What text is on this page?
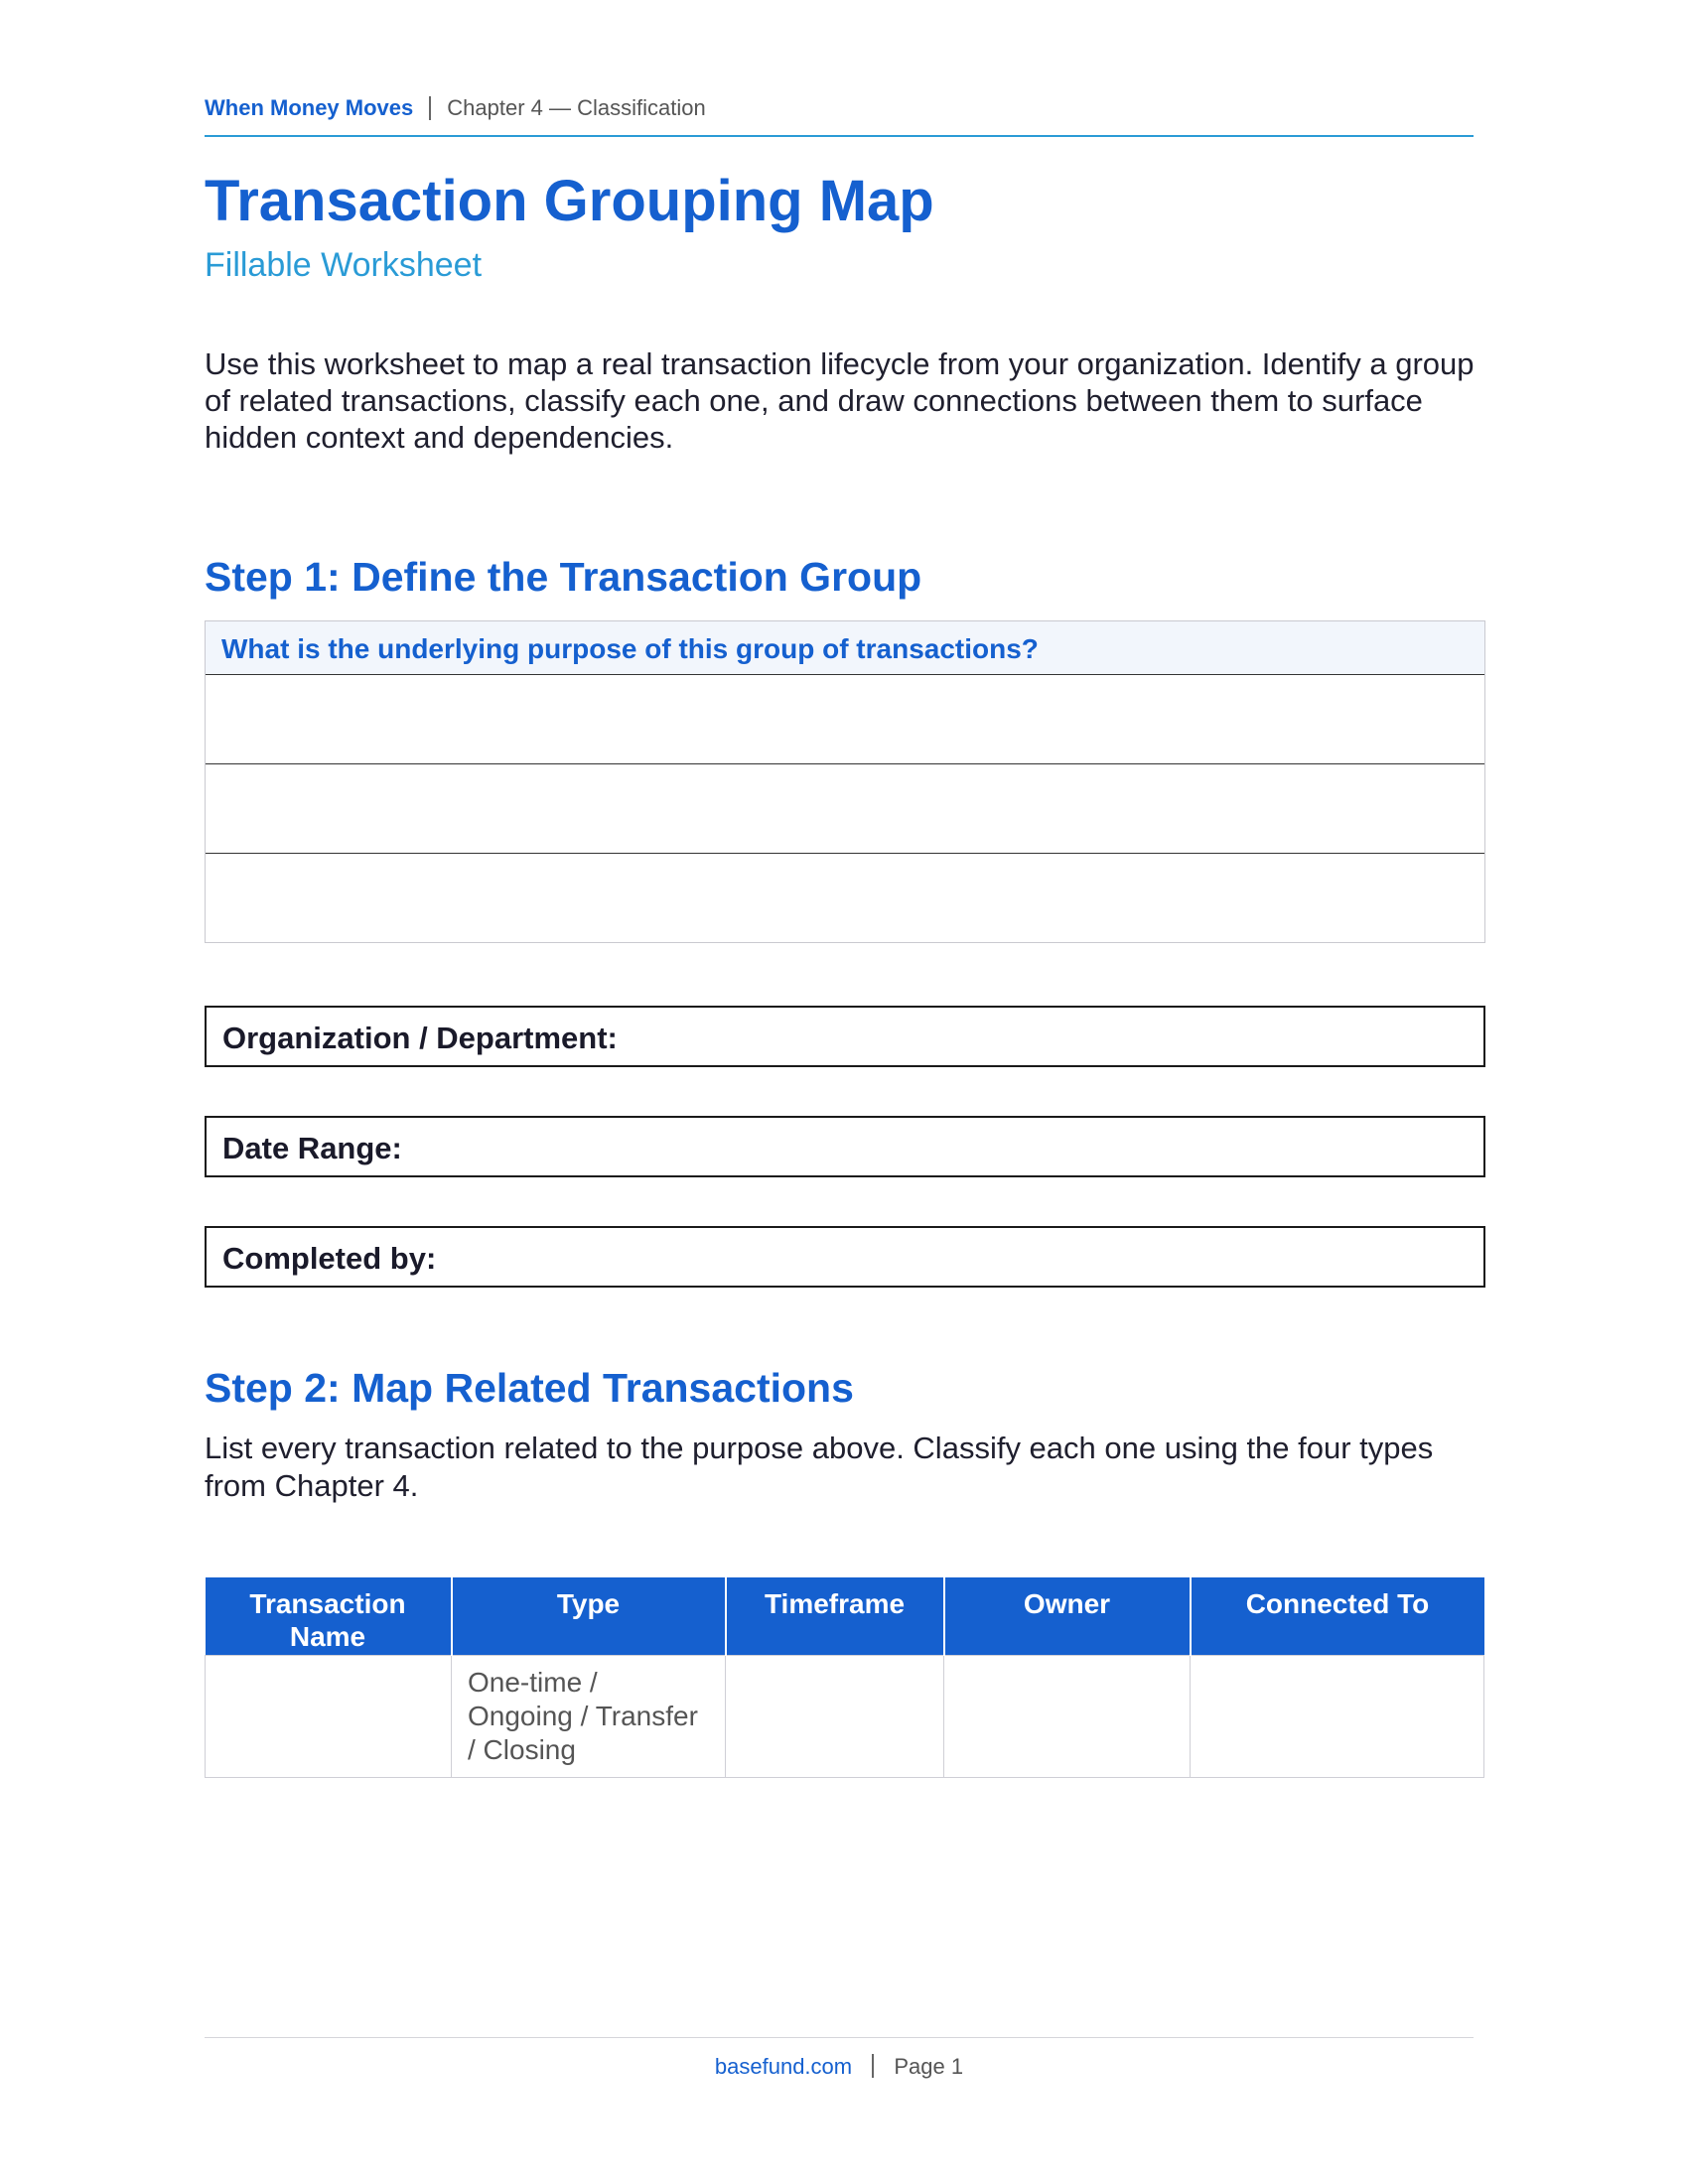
When Money Moves Chapter 4 — Classification
Transaction Grouping Map
Fillable Worksheet

Use this worksheet to map a real transaction lifecycle from your organization. Identify a group of related transactions, classify each one, and draw connections between them to surface hidden context and dependencies.

Step 1: Define the Transaction Group
What is the underlying purpose of this group of transactions?
Organization / Department:
Date Range:
Completed by:
Step 2: Map Related Transactions

List every transaction related to the purpose above. Classify each one using the four types from Chapter 4.

Transaction Name	Type	Timeframe	Owner	Connected To
	One-time / Ongoing / Transfer / Closing			
basefund.com Page 1
